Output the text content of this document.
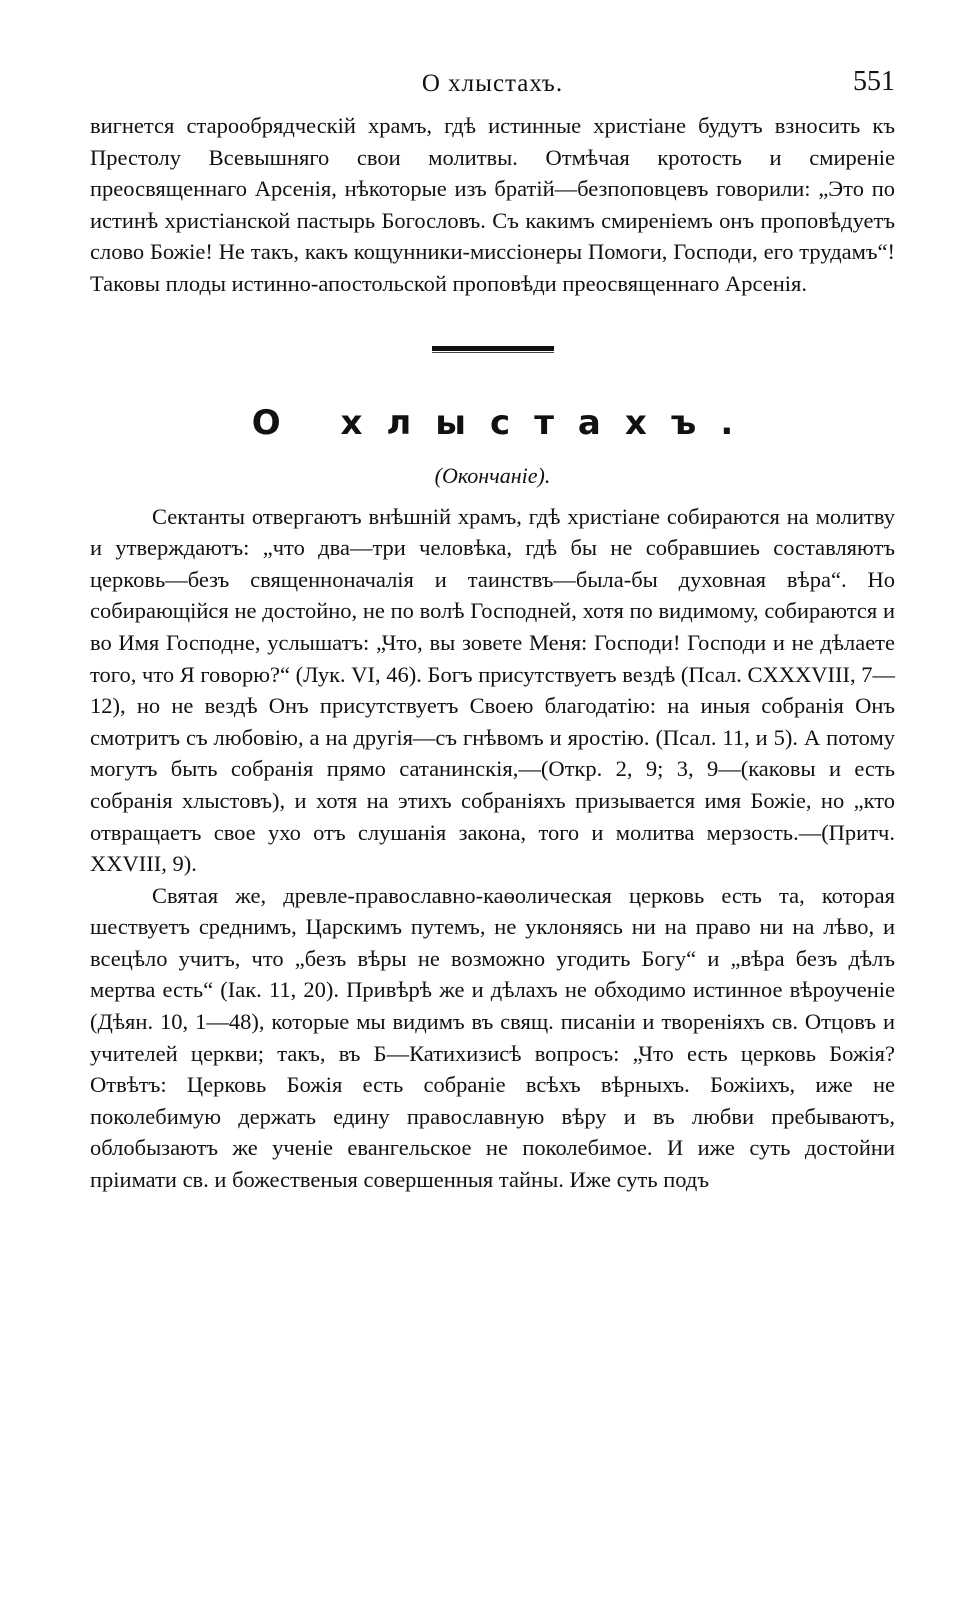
О хлыстахъ.	551

вигнется старообрядческій храмъ, гдѣ истинные христіане будутъ взносить къ Престолу Всевышняго свои молитвы. Отмѣчая кротость и смиреніе преосвященнаго Арсенія, нѣкоторые изъ братій—безпоповцевъ говорили: „Это по истинѣ христіанской пастырь Богословъ. Съ какимъ смиреніемъ онъ проповѣдуетъ слово Божіе! Не такъ, какъ кощунники-миссіонеры Помоги, Господи, его трудамъ“! Таковы плоды истинно-апостольской проповѣди преосвященнаго Арсенія.

О хлыстахъ.
(Окончаніе).

Сектанты отвергаютъ внѣшній храмъ, гдѣ христіане собираются на молитву и утверждаютъ: „что два—три человѣка, гдѣ бы не собравшиеь составляютъ церковь—безъ священноначалія и таинствъ—была-бы духовная вѣра“. Но собирающійся не достойно, не по волѣ Господней, хотя по видимому, собираются и во Имя Господне, услышатъ: „Что, вы зовете Меня: Господи! Господи и не дѣлаете того, что Я говорю?“ (Лук. VI, 46). Богъ присутствуетъ вездѣ (Псал. CXXXVIII, 7—12), но не вездѣ Онъ присутствуетъ Своею благодатію: на иныя собранія Онъ смотритъ съ любовію, а на другія—съ гнѣвомъ и яростію. (Псал. 11, и 5). А потому могутъ быть собранія прямо сатанинскія,—(Откр. 2, 9; 3, 9—(каковы и есть собранія хлыстовъ), и хотя на этихъ собраніяхъ призывается имя Божіе, но „кто отвращаетъ свое ухо отъ слушанія закона, того и молитва мерзость.—(Притч. XXVIII, 9).

Святая же, древле-православно-каѳолическая церковь есть та, которая шествуетъ среднимъ, Царскимъ путемъ, не уклоняясь ни на право ни на лѣво, и всецѣло учитъ, что „безъ вѣры не возможно угодить Богу“ и „вѣра безъ дѣлъ мертва есть“ (Іак. 11, 20). Привѣрѣ же и дѣлахъ не обходимо истинное вѣроученіе (Дѣян. 10, 1—48), которые мы видимъ въ свящ. писаніи и твореніяхъ св. Отцовъ и учителей церкви; такъ, въ Б—Катихизисѣ вопросъ: „Что есть церковь Божія? Отвѣтъ: Церковь Божія есть собраніе всѣхъ вѣрныхъ. Божіихъ, иже не поколебимую держать едину православную вѣру и въ любви пребываютъ, облобызаютъ же ученіе евангельское не поколебимое. И иже суть достойни пріимати св. и божественыя совершенныя тайны. Иже суть подъ
